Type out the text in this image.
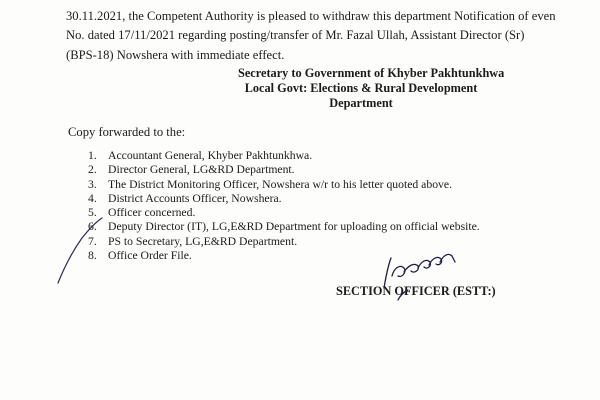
30.11.2021, the Competent Authority is pleased to withdraw this department Notification of even
No. dated 17/11/2021 regarding posting/transfer of Mr. Fazal Ullah, Assistant Director (Sr)
(BPS-18) Nowshera with immediate effect.
Secretary to Government of Khyber Pakhtunkhwa
Local Govt: Elections & Rural Development
Department
Copy forwarded to the:
1. Accountant General, Khyber Pakhtunkhwa.
2. Director General, LG&RD Department.
3. The District Monitoring Officer, Nowshera w/r to his letter quoted above.
4. District Accounts Officer, Nowshera.
5. Officer concerned.
6. Deputy Director (IT), LG,E&RD Department for uploading on official website.
7. PS to Secretary, LG,E&RD Department.
8. Office Order File.
SECTION OFFICER (ESTT:)
